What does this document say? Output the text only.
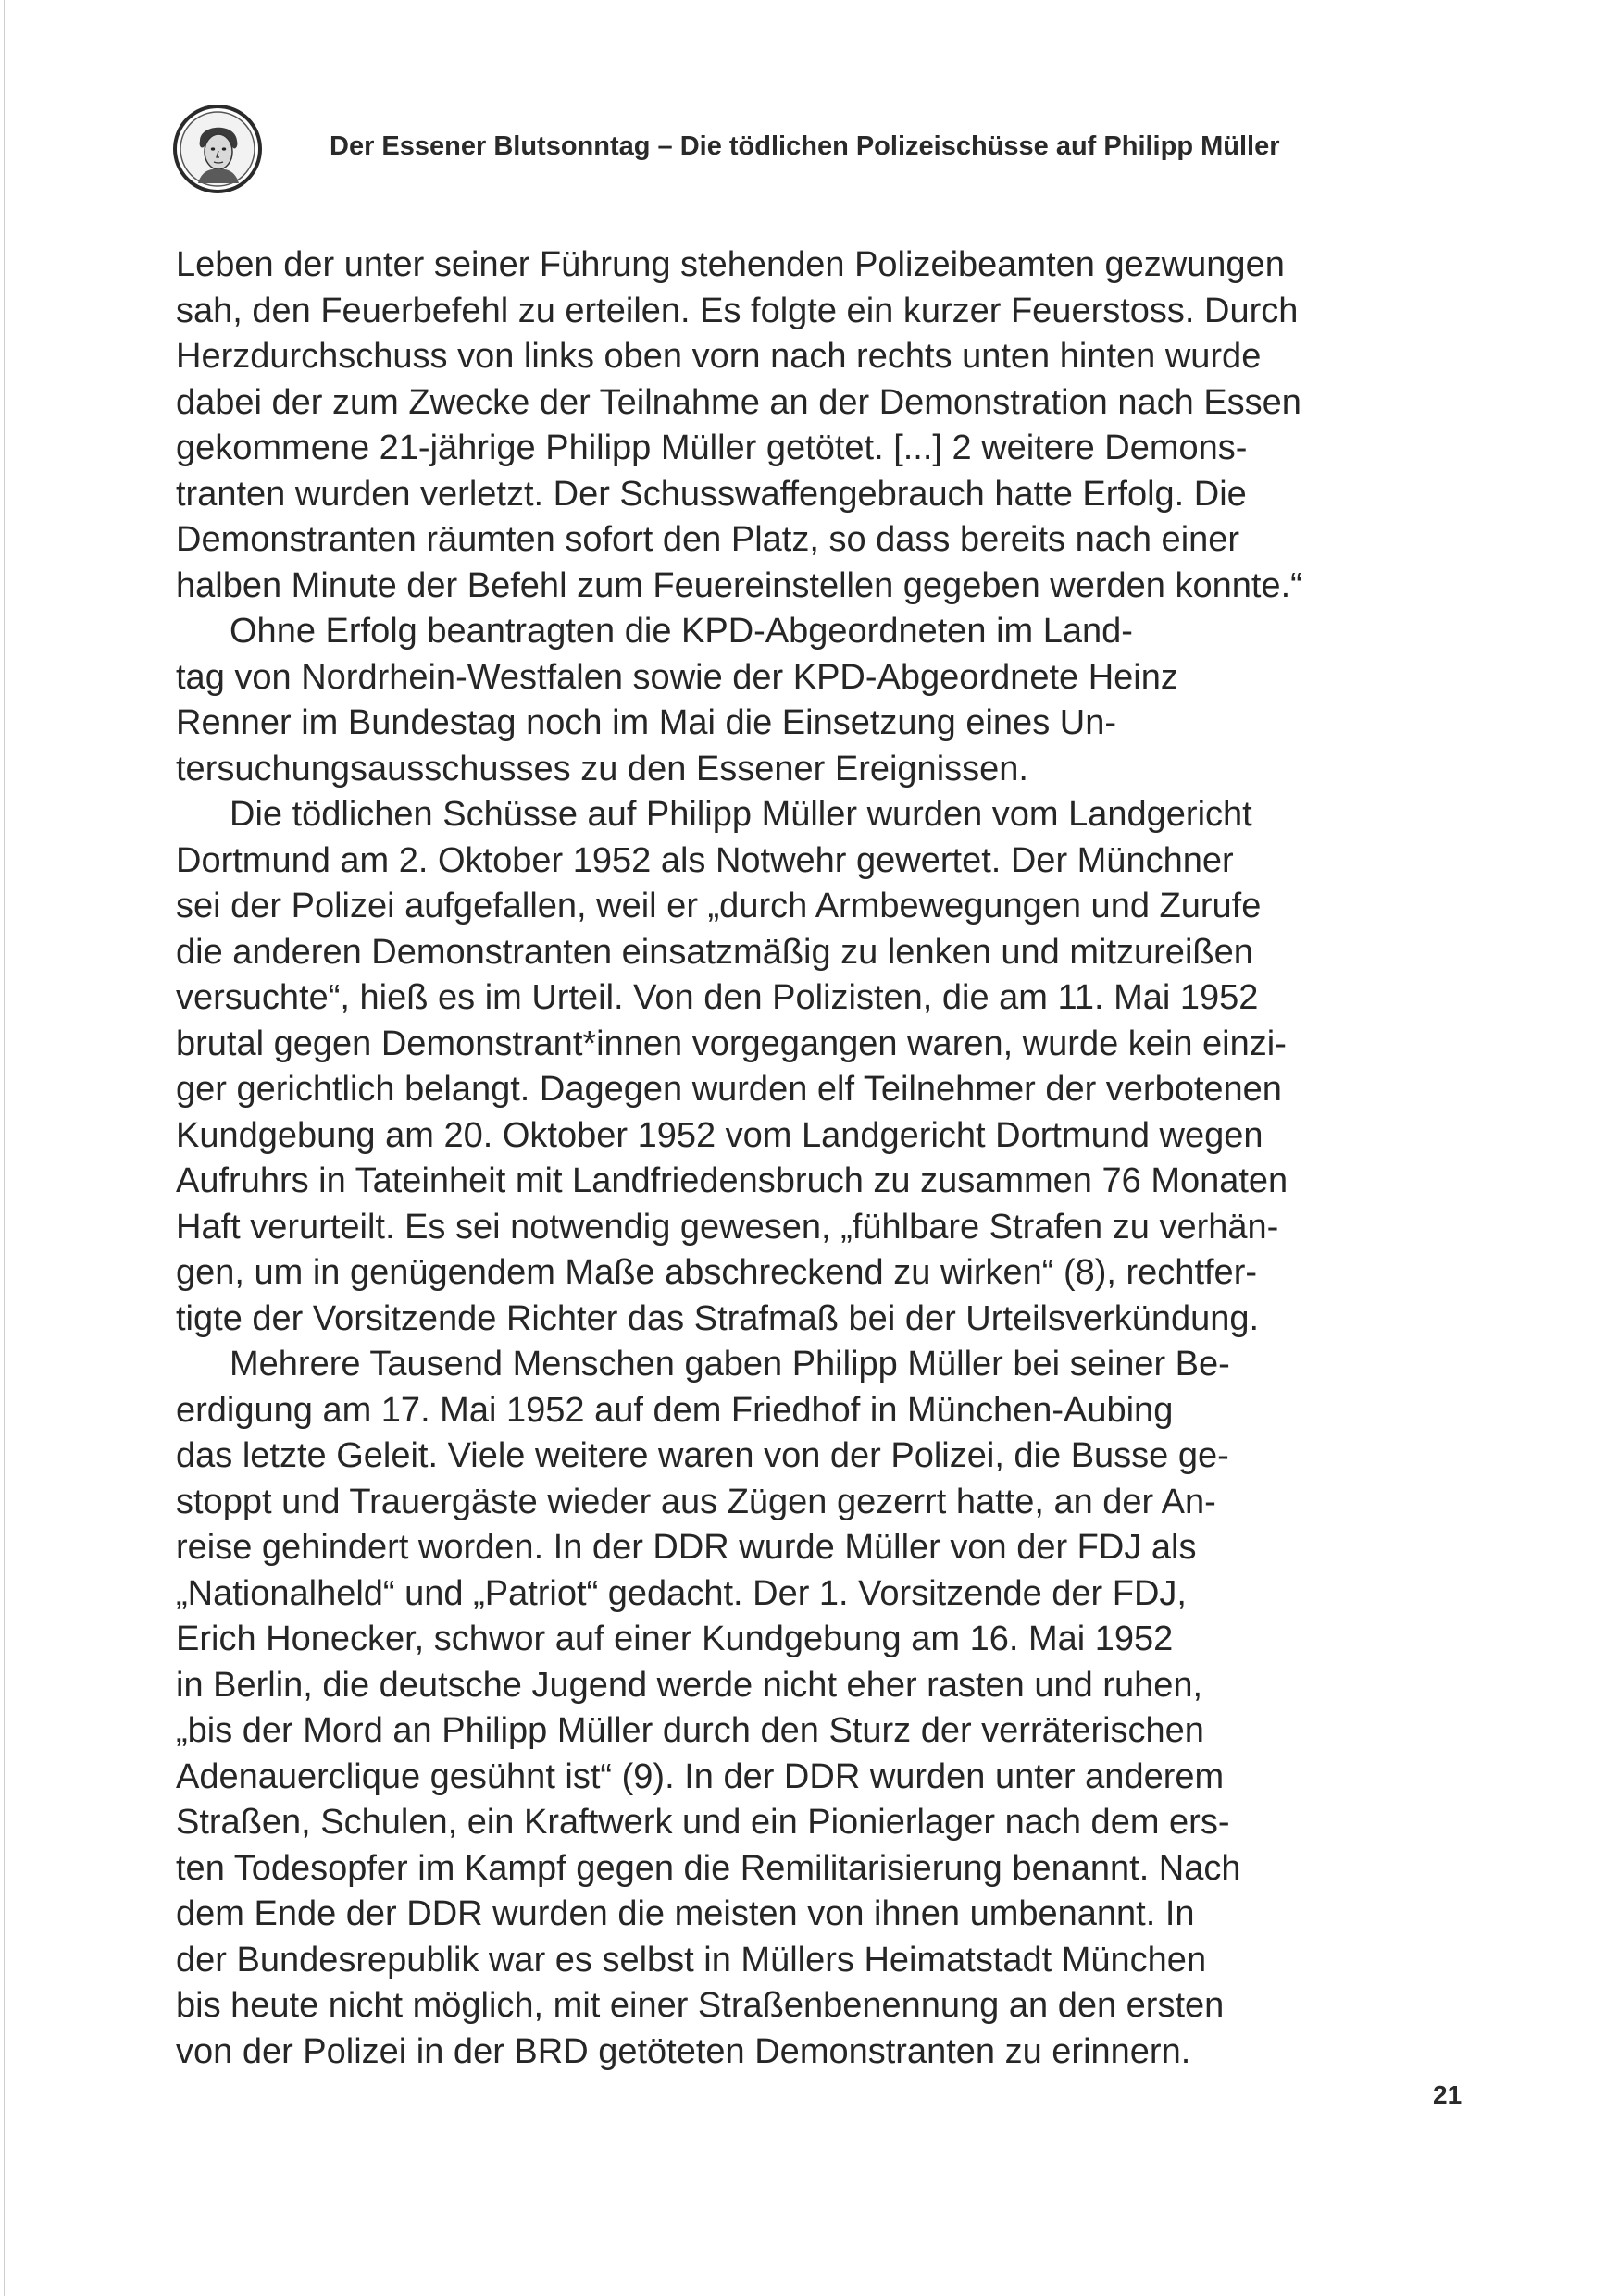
Der Essener Blutsonntag – Die tödlichen Polizeischüsse auf Philipp Müller
Leben der unter seiner Führung stehenden Polizeibeamten gezwungen
sah, den Feuerbefehl zu erteilen. Es folgte ein kurzer Feuerstoss. Durch
Herzdurchschuss von links oben vorn nach rechts unten hinten wurde
dabei der zum Zwecke der Teilnahme an der Demonstration nach Essen
gekommene 21-jährige Philipp Müller getötet. [...] 2 weitere Demons-
tranten wurden verletzt. Der Schusswaffengebrauch hatte Erfolg. Die
Demonstranten räumten sofort den Platz, so dass bereits nach einer
halben Minute der Befehl zum Feuereinstellen gegeben werden konnte.“
Ohne Erfolg beantragten die KPD-Abgeordneten im Land-
tag von Nordrhein-Westfalen sowie der KPD-Abgeordnete Heinz
Renner im Bundestag noch im Mai die Einsetzung eines Un-
tersuchungsausschusses zu den Essener Ereignissen.
Die tödlichen Schüsse auf Philipp Müller wurden vom Landgericht
Dortmund am 2. Oktober 1952 als Notwehr gewertet. Der Münchner
sei der Polizei aufgefallen, weil er „durch Armbewegungen und Zurufe
die anderen Demonstranten einsatzmäßig zu lenken und mitzureißen
versuchte“, hieß es im Urteil. Von den Polizisten, die am 11. Mai 1952
brutal gegen Demonstrant*innen vorgegangen waren, wurde kein einzi-
ger gerichtlich belangt. Dagegen wurden elf Teilnehmer der verbotenen
Kundgebung am 20. Oktober 1952 vom Landgericht Dortmund wegen
Aufruhrs in Tateinheit mit Landfriedensbruch zu zusammen 76 Monaten
Haft verurteilt. Es sei notwendig gewesen, „fühlbare Strafen zu verhän-
gen, um in genügendem Maße abschreckend zu wirken“ (8), rechtfer-
tigte der Vorsitzende Richter das Strafmaß bei der Urteilsverkündung.
Mehrere Tausend Menschen gaben Philipp Müller bei seiner Be-
erdigung am 17. Mai 1952 auf dem Friedhof in München-Aubing
das letzte Geleit. Viele weitere waren von der Polizei, die Busse ge-
stoppt und Trauergäste wieder aus Zügen gezerrt hatte, an der An-
reise gehindert worden. In der DDR wurde Müller von der FDJ als
„Nationalheld“ und „Patriot“ gedacht. Der 1. Vorsitzende der FDJ,
Erich Honecker, schwor auf einer Kundgebung am 16. Mai 1952
in Berlin, die deutsche Jugend werde nicht eher rasten und ruhen,
„bis der Mord an Philipp Müller durch den Sturz der verräterischen
Adenauerclique gesühnt ist“ (9). In der DDR wurden unter anderem
Straßen, Schulen, ein Kraftwerk und ein Pionierlager nach dem ers-
ten Todesopfer im Kampf gegen die Remilitarisierung benannt. Nach
dem Ende der DDR wurden die meisten von ihnen umbenannt. In
der Bundesrepublik war es selbst in Müllers Heimatstadt München
bis heute nicht möglich, mit einer Straßenbenennung an den ersten
von der Polizei in der BRD getöteten Demonstranten zu erinnern.
21
